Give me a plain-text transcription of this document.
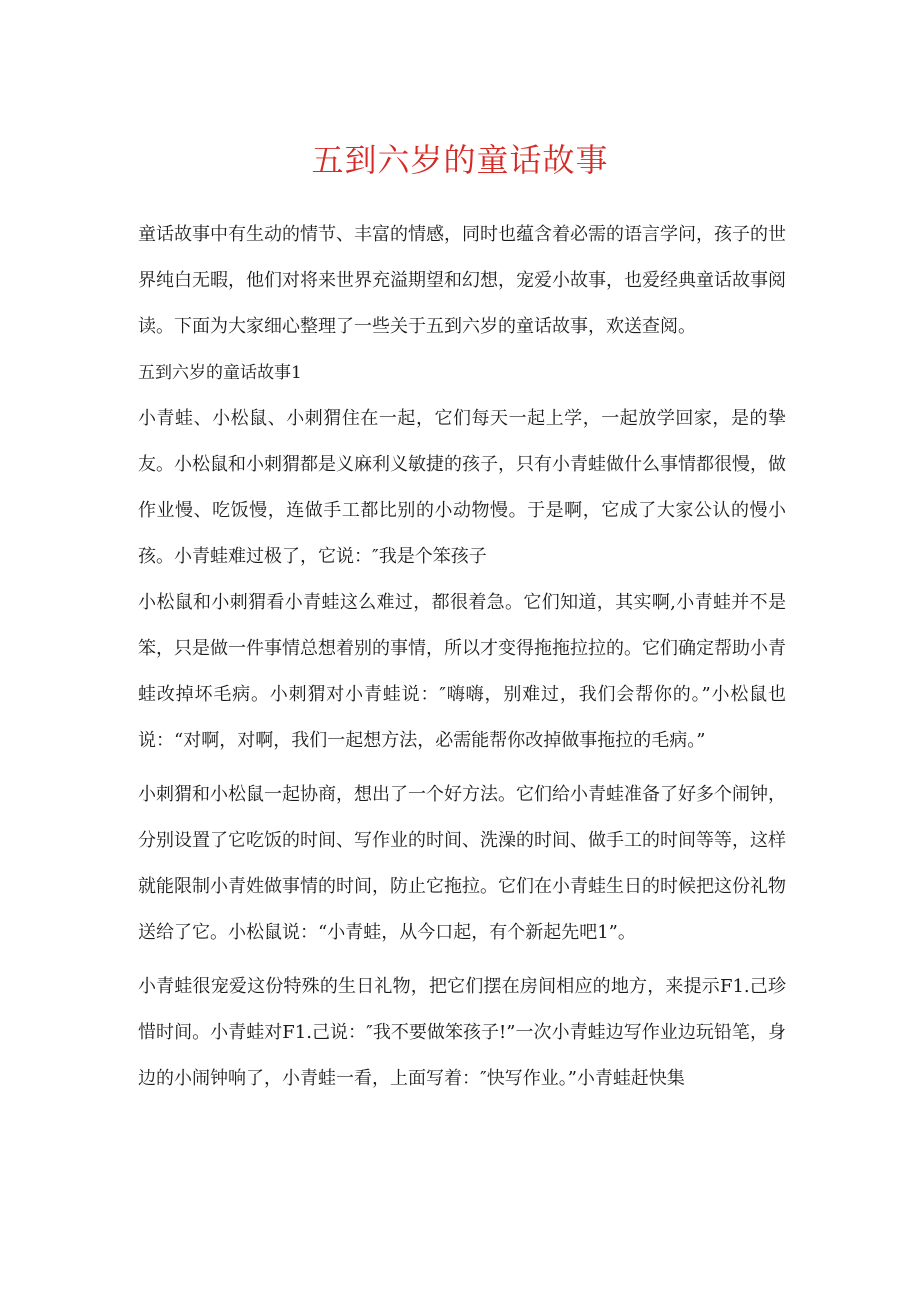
五到六岁的童话故事

童话故事中有生动的情节、丰富的情感，同时也蕴含着必需的语言学问，孩子的世界纯白无暇，他们对将来世界充溢期望和幻想，宠爱小故事，也爱经典童话故事阅读。下面为大家细心整理了一些关于五到六岁的童话故事，欢送查阅。

五到六岁的童话故事1

小青蛙、小松鼠、小刺猬住在一起，它们每天一起上学，一起放学回家，是的挚友。小松鼠和小刺猬都是义麻利义敏捷的孩子，只有小青蛙做什么事情都很慢，做作业慢、吃饭慢，连做手工都比别的小动物慢。于是啊，它成了大家公认的慢小孩。小青蛙难过极了，它说：″我是个笨孩子

小松鼠和小刺猬看小青蛙这么难过，都很着急。它们知道，其实啊,小青蛙并不是笨，只是做一件事情总想着别的事情，所以才变得拖拖拉拉的。它们确定帮助小青蛙改掉坏毛病。小刺猬对小青蛙说：″嗨嗨，别难过，我们会帮你的。”小松鼠也说：“对啊，对啊，我们一起想方法，必需能帮你改掉做事拖拉的毛病。”

小刺猬和小松鼠一起协商，想出了一个好方法。它们给小青蛙准备了好多个闹钟，分别设置了它吃饭的时间、写作业的时间、洗澡的时间、做手工的时间等等，这样就能限制小青姓做事情的时间，防止它拖拉。它们在小青蛙生日的时候把这份礼物送给了它。小松鼠说：“小青蛙，从今口起，有个新起先吧1”。

小青蛙很宠爱这份特殊的生日礼物，把它们摆在房间相应的地方，来提示F1.己珍惜时间。小青蛙对F1.己说：″我不要做笨孩子!”一次小青蛙边写作业边玩铅笔，身边的小闹钟响了，小青蛙一看，上面写着：″快写作业。”小青蛙赶快集
